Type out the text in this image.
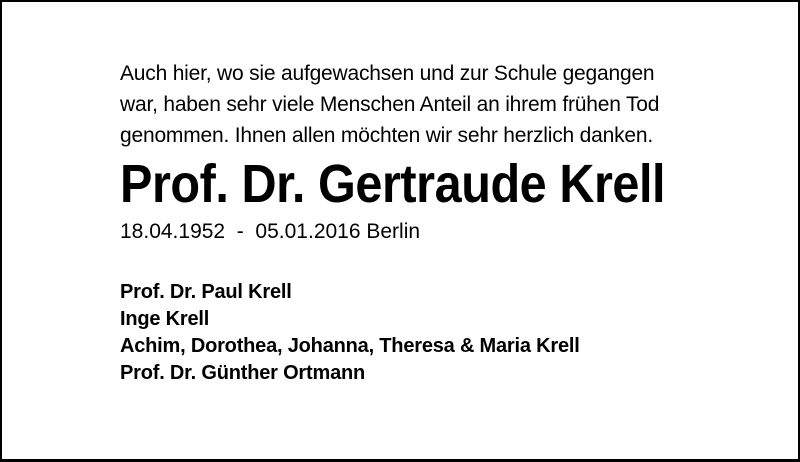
Auch hier, wo sie aufgewachsen und zur Schule gegangen
war, haben sehr viele Menschen Anteil an ihrem frühen Tod
genommen. Ihnen allen möchten wir sehr herzlich danken.
Prof. Dr. Gertraude Krell
18.04.1952  -  05.01.2016 Berlin
Prof. Dr. Paul Krell
Inge Krell
Achim, Dorothea, Johanna, Theresa & Maria Krell
Prof. Dr. Günther Ortmann
